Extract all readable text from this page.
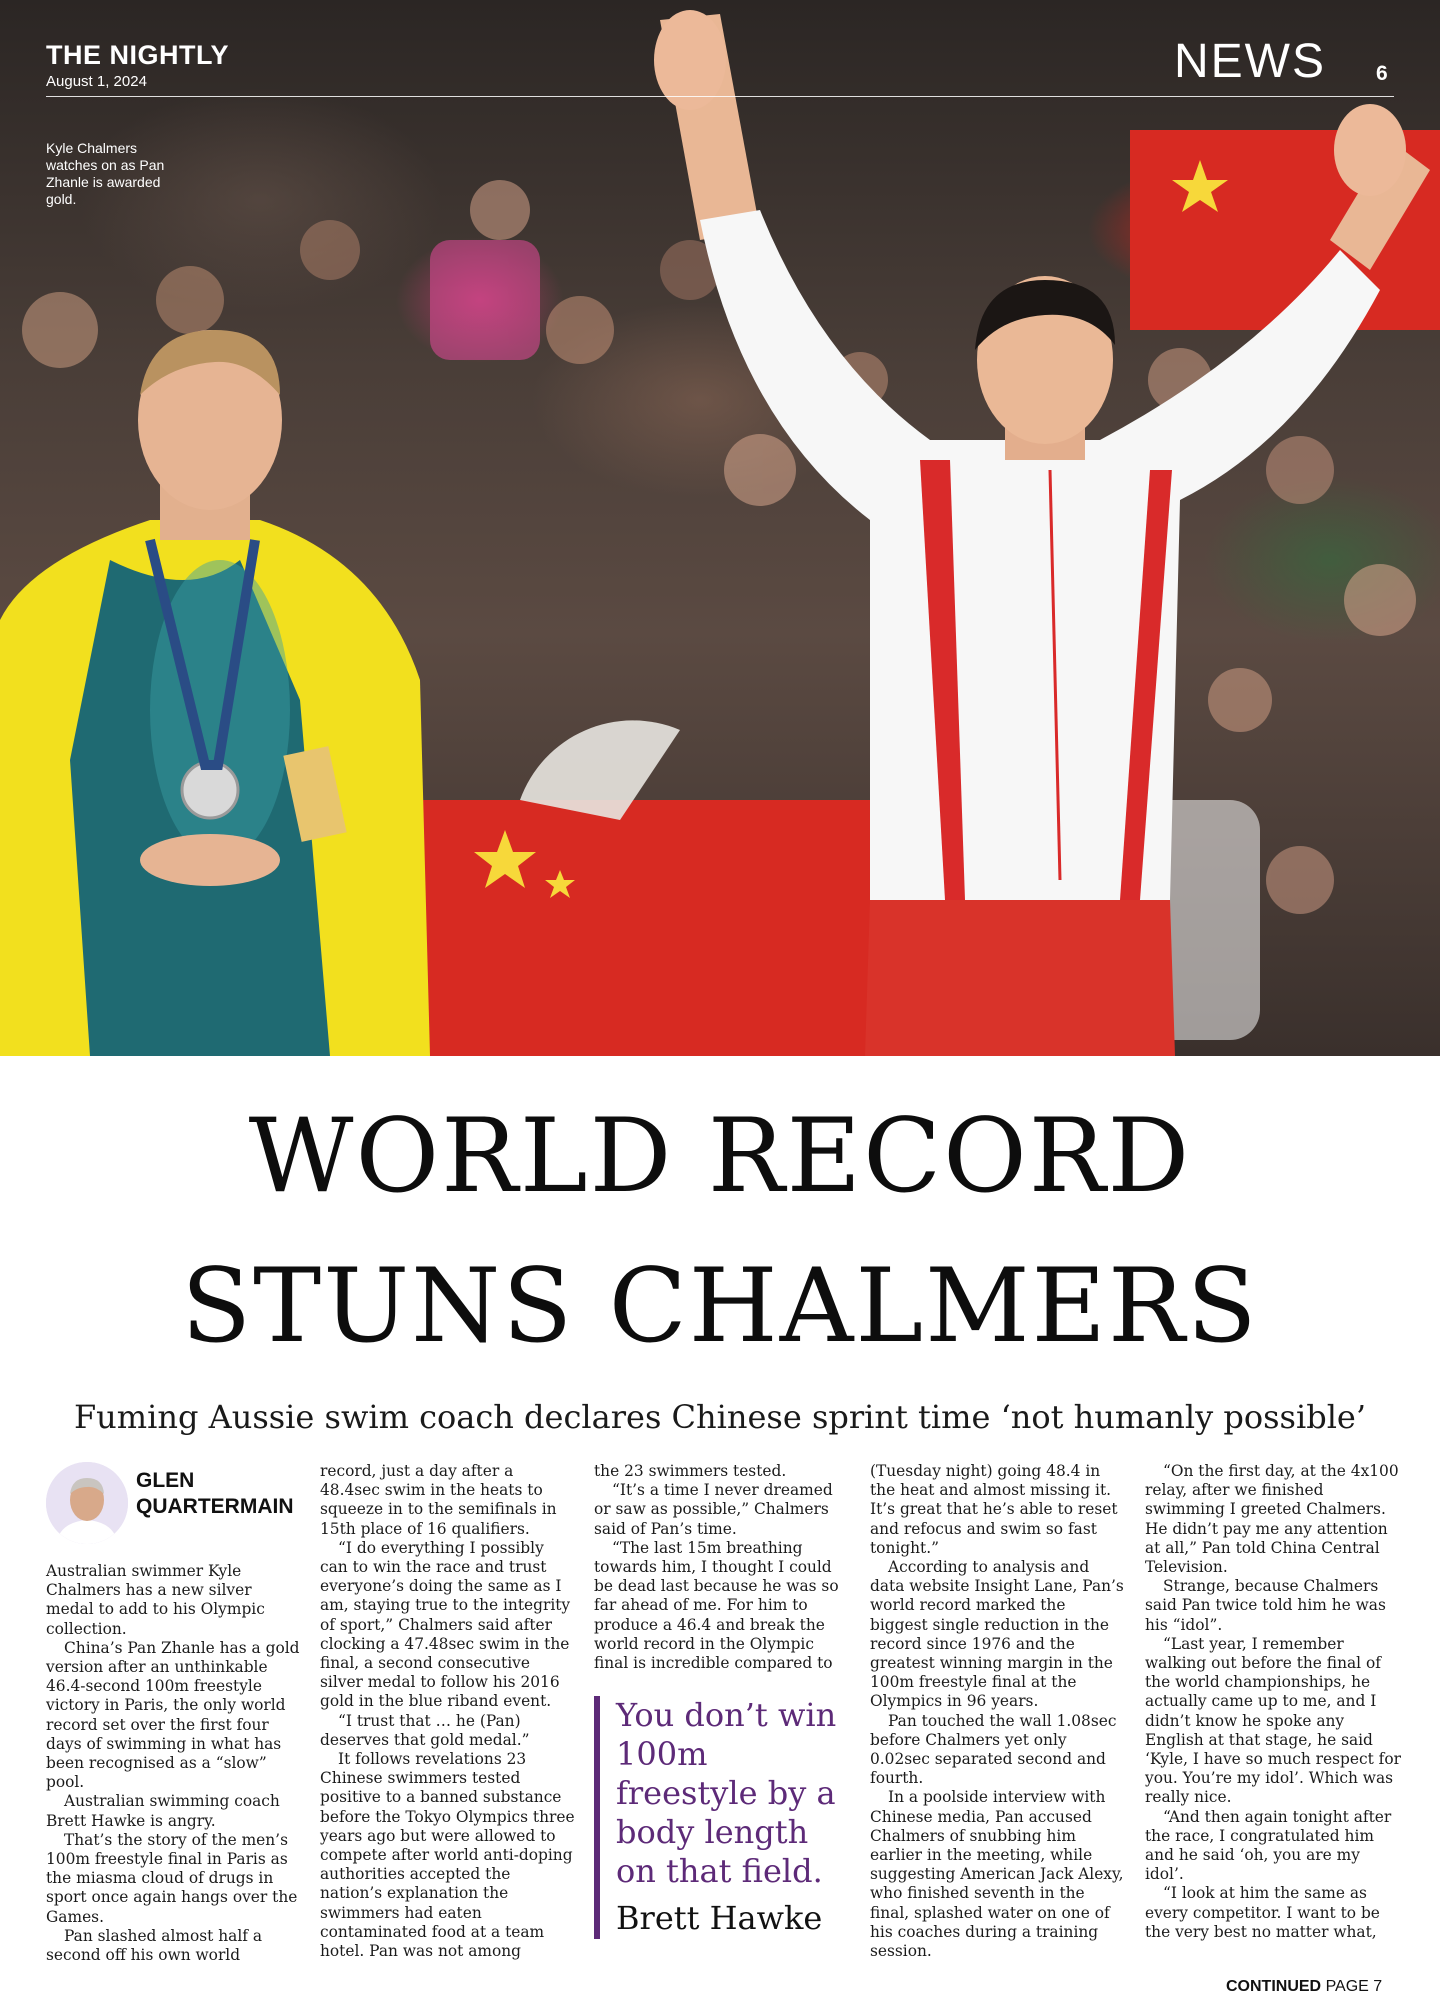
THE NIGHTLY
August 1, 2024	NEWS 6
Kyle Chalmers watches on as Pan Zhanle is awarded gold.
WORLD RECORD
STUNS CHALMERS
Fuming Aussie swim coach declares Chinese sprint time ‘not humanly possible’
GLEN
QUARTERMAIN

Australian swimmer Kyle Chalmers has a new silver medal to add to his Olympic collection.

China’s Pan Zhanle has a gold version after an unthinkable 46.4-second 100m freestyle victory in Paris, the only world record set over the first four days of swimming in what has been recognised as a “slow” pool.

Australian swimming coach Brett Hawke is angry.

That’s the story of the men’s 100m freestyle final in Paris as the miasma cloud of drugs in sport once again hangs over the Games.

Pan slashed almost half a second off his own world

record, just a day after a 48.4sec swim in the heats to squeeze in to the semifinals in 15th place of 16 qualifiers.

“I do everything I possibly can to win the race and trust everyone’s doing the same as I am, staying true to the integrity of sport,” Chalmers said after clocking a 47.48sec swim in the final, a second consecutive silver medal to follow his 2016 gold in the blue riband event.

“I trust that … he (Pan) deserves that gold medal.”

It follows revelations 23 Chinese swimmers tested positive to a banned substance before the Tokyo Olympics three years ago but were allowed to compete after world anti-doping authorities accepted the nation’s explanation the swimmers had eaten contaminated food at a team hotel. Pan was not among

the 23 swimmers tested.

“It’s a time I never dreamed or saw as possible,” Chalmers said of Pan’s time.

“The last 15m breathing towards him, I thought I could be dead last because he was so far ahead of me. For him to produce a 46.4 and break the world record in the Olympic final is incredible compared to

You don’t win 100m freestyle by a body length on that field.
Brett Hawke

(Tuesday night) going 48.4 in the heat and almost missing it. It’s great that he’s able to reset and refocus and swim so fast tonight.”

According to analysis and data website Insight Lane, Pan’s world record marked the biggest single reduction in the record since 1976 and the greatest winning margin in the 100m freestyle final at the Olympics in 96 years.

Pan touched the wall 1.08sec before Chalmers yet only 0.02sec separated second and fourth.

In a poolside interview with Chinese media, Pan accused Chalmers of snubbing him earlier in the meeting, while suggesting American Jack Alexy, who finished seventh in the final, splashed water on one of his coaches during a training session.

“On the first day, at the 4x100 relay, after we finished swimming I greeted Chalmers. He didn’t pay me any attention at all,” Pan told China Central Television.

Strange, because Chalmers said Pan twice told him he was his “idol”.

“Last year, I remember walking out before the final of the world championships, he actually came up to me, and I didn’t know he spoke any English at that stage, he said ‘Kyle, I have so much respect for you. You’re my idol’. Which was really nice.

“And then again tonight after the race, I congratulated him and he said ‘oh, you are my idol’.

“I look at him the same as every competitor. I want to be the very best no matter what,

CONTINUED PAGE 7
